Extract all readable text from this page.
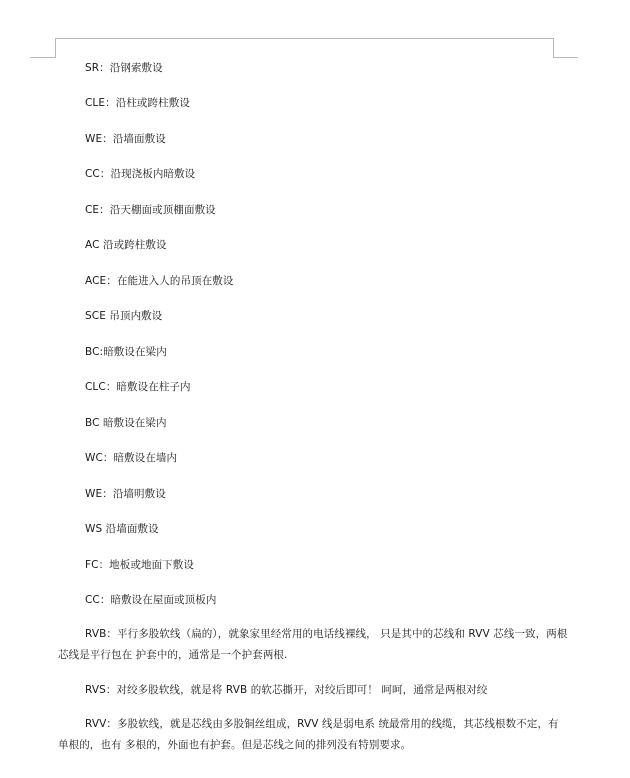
SR：沿钢索敷设
CLE：沿柱或跨柱敷设
WE：沿墙面敷设
CC：沿现浇板内暗敷设
CE：沿天棚面或顶棚面敷设
AC 沿或跨柱敷设
ACE：在能进入人的吊顶在敷设
SCE 吊顶内敷设
BC:暗敷设在梁内
CLC：暗敷设在柱子内
BC 暗敷设在梁内
WC：暗敷设在墙内
WE：沿墙明敷设
WS 沿墙面敷设
FC：地板或地面下敷设
CC：暗敷设在屋面或顶板内
RVB：平行多股软线（扁的），就象家里经常用的电话线裸线， 只是其中的芯线和 RVV 芯线一致，两根芯线是平行包在 护套中的，通常是一个护套两根.
RVS：对绞多股软线，就是将 RVB 的软芯撕开，对绞后即可！ 呵呵，通常是两根对绞
RVV：多股软线，就是芯线由多股铜丝组成，RVV 线是弱电系 统最常用的线缆，其芯线根数不定，有单根的，也有 多根的，外面也有护套。但是芯线之间的排列没有特别要求。
